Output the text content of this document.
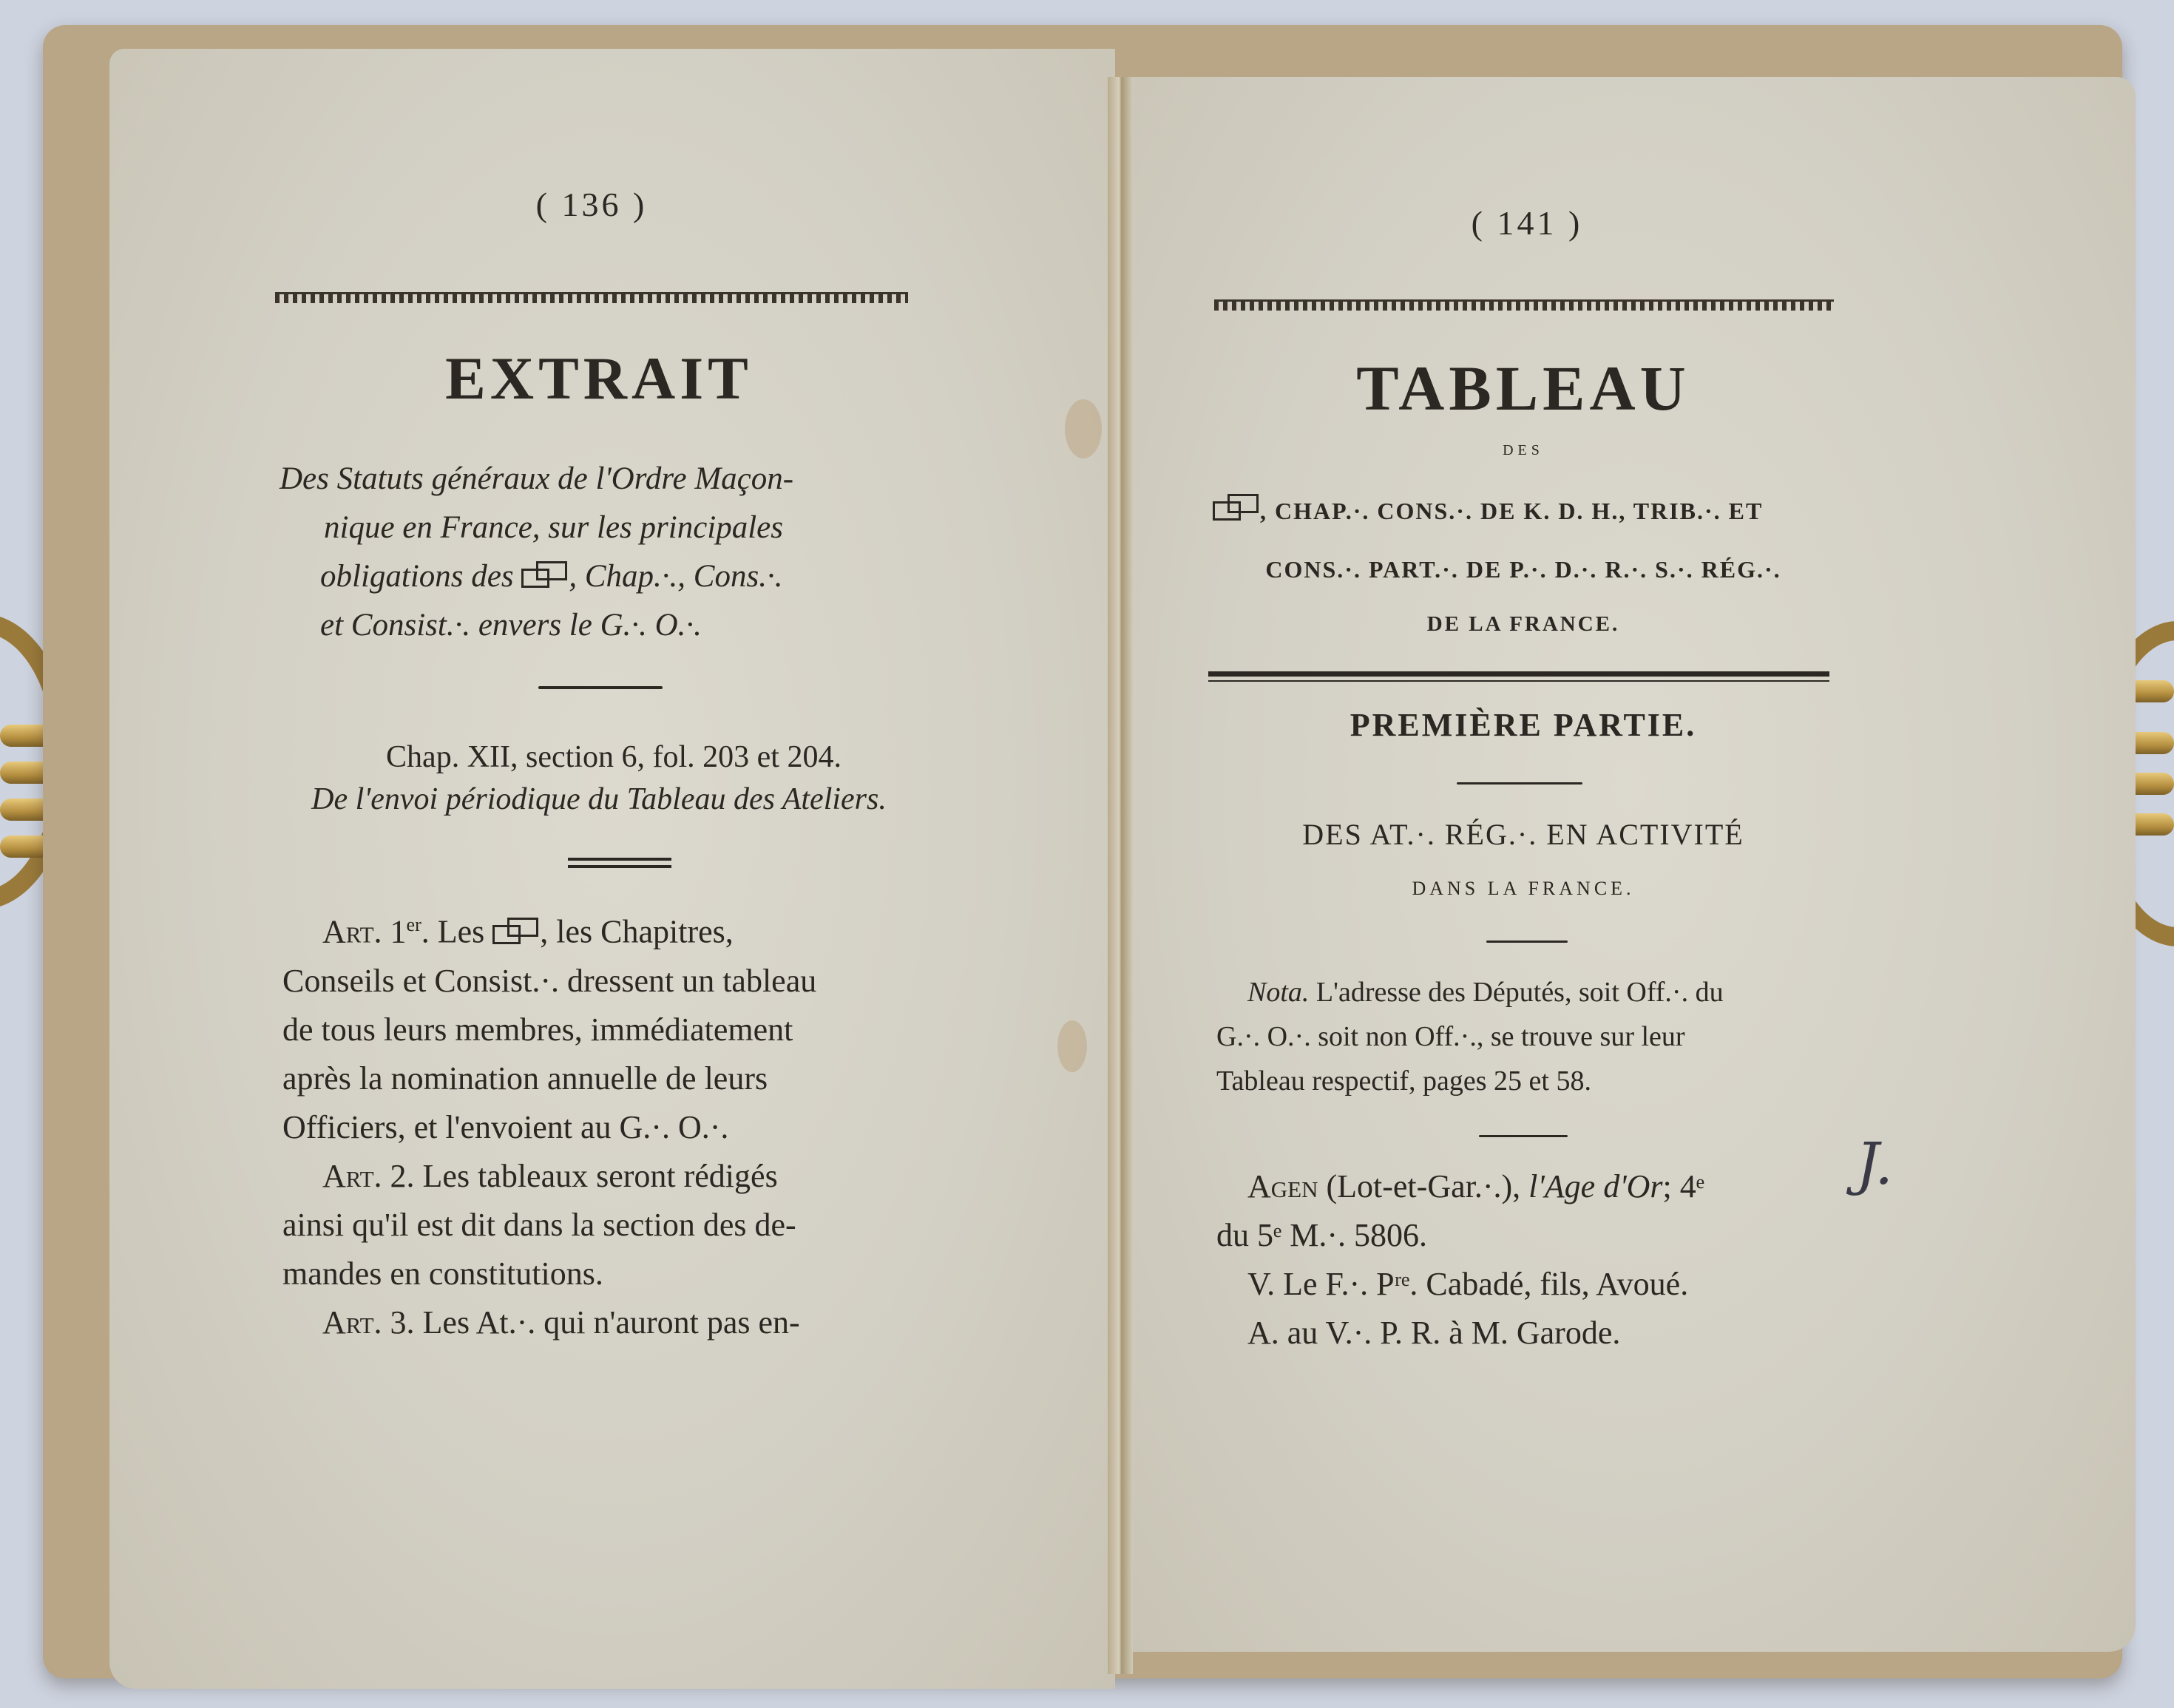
( 136 )
EXTRAIT
Des Statuts généraux de l'Ordre Maçon-
nique en France, sur les principales
obligations des
, Chap.·., Cons.·.
et Consist.·. envers le G.·. O.·.
Chap. XII, section 6, fol. 203 et 204.
De l'envoi périodique du Tableau des Ateliers.
Art. 1er. Les
, les Chapitres,
Conseils et Consist.·. dressent un tableau
de tous leurs membres, immédiatement
après la nomination annuelle de leurs
Officiers, et l'envoient au G.·. O.·.
Art. 2. Les tableaux seront rédigés
ainsi qu'il est dit dans la section des de-
mandes en constitutions.
Art. 3. Les At.·. qui n'auront pas en-
( 141 )
TABLEAU
DES
, CHAP.·. CONS.·. DE K. D. H., TRIB.·. ET
CONS.·. PART.·. DE P.·. D.·. R.·. S.·. RÉG.·.
DE LA FRANCE.
PREMIÈRE PARTIE.
DES AT.·. RÉG.·. EN ACTIVITÉ
DANS LA FRANCE.
Nota. L'adresse des Députés, soit Off.·. du
G.·. O.·. soit non Off.·., se trouve sur leur
Tableau respectif, pages 25 et 58.
Agen (Lot-et-Gar.·.), l'Age d'Or; 4ᵉ
du 5ᵉ M.·. 5806.
V. Le F.·. Pʳᵉ. Cabadé, fils, Avoué.
A. au V.·. P. R. à M. Garode.
J.
